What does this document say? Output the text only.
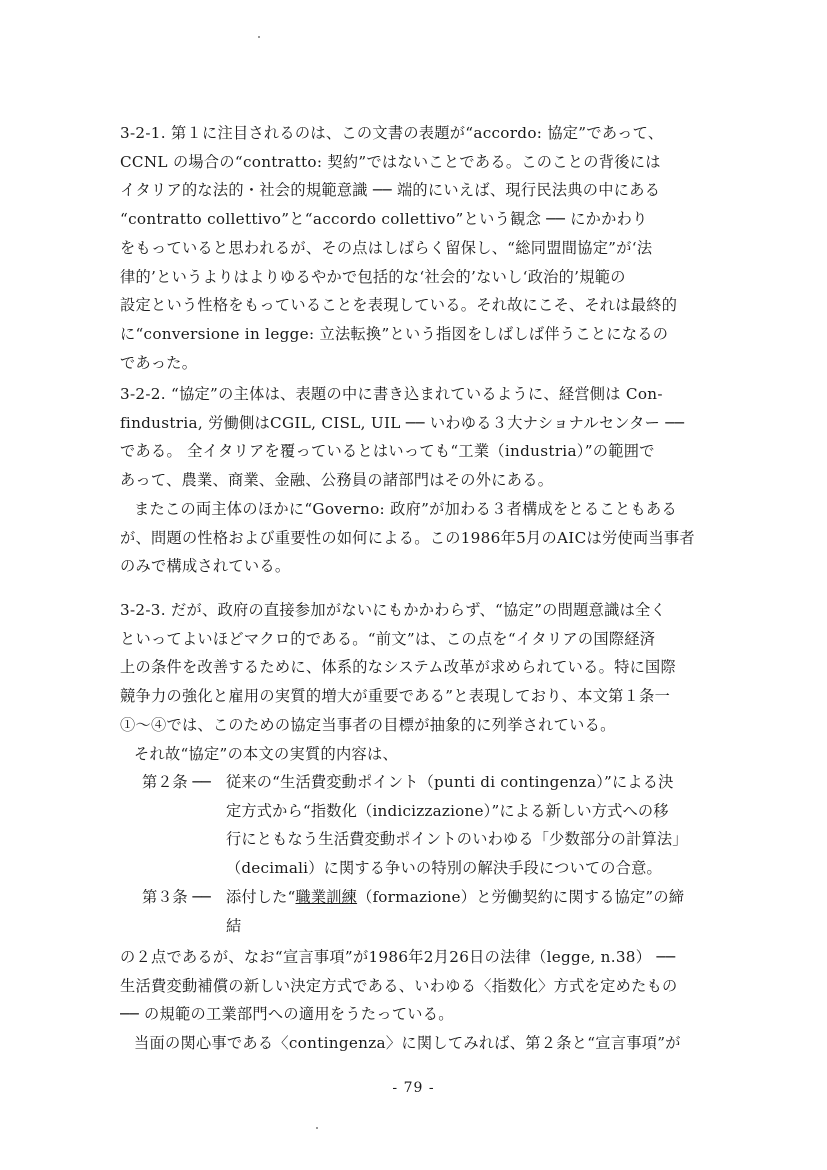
3-2-1. 第１に注目されるのは、この文書の表題が“accordo: 協定”であって、
CCNL の場合の“contratto: 契約”ではないことである。このことの背後には
イタリア的な法的・社会的規範意識 ── 端的にいえば、現行民法典の中にある
“contratto collettivo”と“accordo collettivo”という観念 ── にかかわり
をもっていると思われるが、その点はしばらく留保し、“総同盟間協定”が‘法
律的’というよりはよりゆるやかで包括的な‘社会的’ないし‘政治的’規範の
設定という性格をもっていることを表現している。それ故にこそ、それは最終的
に“conversione in legge: 立法転換”という指図をしばしば伴うことになるの
であった。
3-2-2. “協定”の主体は、表題の中に書き込まれているように、経営側は Con-
findustria, 労働側はCGIL, CISL, UIL ── いわゆる３大ナショナルセンター ──
である。 全イタリアを覆っているとはいっても“工業（industria）”の範囲で
あって、農業、商業、金融、公務員の諸部門はその外にある。
またこの両主体のほかに“Governo: 政府”が加わる３者構成をとることもある
が、問題の性格および重要性の如何による。この1986年5月のAICは労使両当事者
のみで構成されている。
3-2-3. だが、政府の直接参加がないにもかかわらず、“協定”の問題意識は全く
といってよいほどマクロ的である。“前文”は、この点を“イタリアの国際経済
上の条件を改善するために、体系的なシステム改革が求められている。特に国際
競争力の強化と雇用の実質的増大が重要である”と表現しており、本文第１条一
①～④では、このための協定当事者の目標が抽象的に列挙されている。
それ故“協定”の本文の実質的内容は、
第２条 ── 従来の“生活費変動ポイント（punti di contingenza）”による決
定方式から“指数化（indicizzazione）”による新しい方式への移
行にともなう生活費変動ポイントのいわゆる「少数部分の計算法」
（decimali）に関する争いの特別の解決手段についての合意。
第３条 ── 添付した“職業訓練（formazione）と労働契約に関する協定”の締
結
の２点であるが、なお“宣言事項”が1986年2月26日の法律（legge, n.38） ──
生活費変動補償の新しい決定方式である、いわゆる〈指数化〉方式を定めたもの
── の規範の工業部門への適用をうたっている。
当面の関心事である〈contingenza〉に関してみれば、第２条と“宣言事項”が
- 79 -
